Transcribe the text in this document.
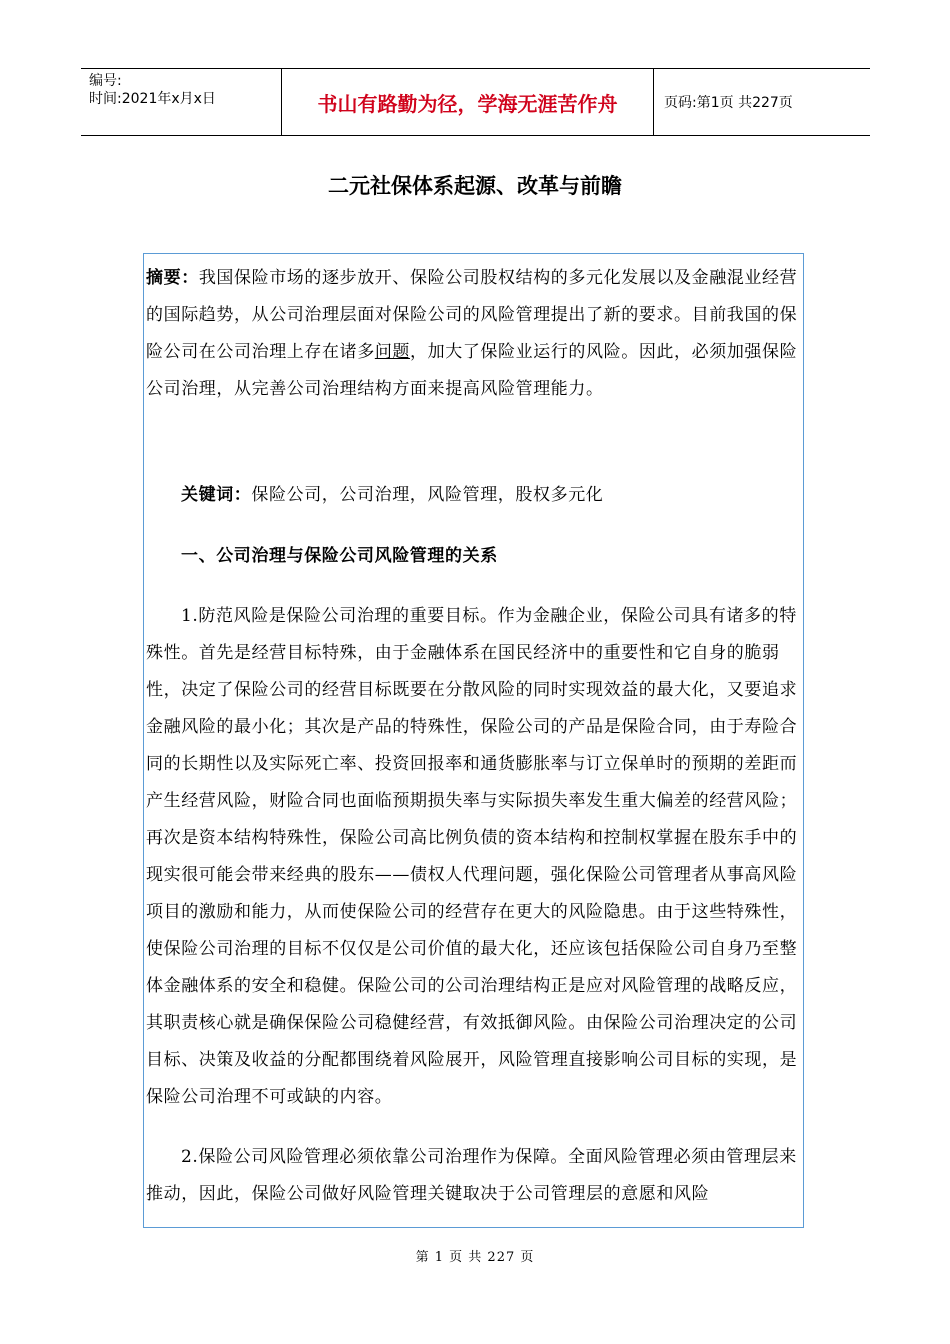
编号:
时间:2021年x月x日	书山有路勤为径，学海无涯苦作舟	页码:第1页 共227页
二元社保体系起源、改革与前瞻

摘要：我国保险市场的逐步放开、保险公司股权结构的多元化发展以及金融混业经营的国际趋势，从公司治理层面对保险公司的风险管理提出了新的要求。目前我国的保险公司在公司治理上存在诸多问题，加大了保险业运行的风险。因此，必须加强保险公司治理，从完善公司治理结构方面来提高风险管理能力。

关键词：保险公司，公司治理，风险管理，股权多元化
一、公司治理与保险公司风险管理的关系
1.防范风险是保险公司治理的重要目标。作为金融企业，保险公司具有诸多的特殊性。首先是经营目标特殊，由于金融体系在国民经济中的重要性和它自身的脆弱性，决定了保险公司的经营目标既要在分散风险的同时实现效益的最大化，又要追求金融风险的最小化；其次是产品的特殊性，保险公司的产品是保险合同，由于寿险合同的长期性以及实际死亡率、投资回报率和通货膨胀率与订立保单时的预期的差距而产生经营风险，财险合同也面临预期损失率与实际损失率发生重大偏差的经营风险；再次是资本结构特殊性，保险公司高比例负债的资本结构和控制权掌握在股东手中的现实很可能会带来经典的股东——债权人代理问题，强化保险公司管理者从事高风险项目的激励和能力，从而使保险公司的经营存在更大的风险隐患。由于这些特殊性，使保险公司治理的目标不仅仅是公司价值的最大化，还应该包括保险公司自身乃至整体金融体系的安全和稳健。保险公司的公司治理结构正是应对风险管理的战略反应，其职责核心就是确保保险公司稳健经营，有效抵御风险。由保险公司治理决定的公司目标、决策及收益的分配都围绕着风险展开，风险管理直接影响公司目标的实现，是保险公司治理不可或缺的内容。
2.保险公司风险管理必须依靠公司治理作为保障。全面风险管理必须由管理层来推动，因此，保险公司做好风险管理关键取决于公司管理层的意愿和风险
第 1 页 共 227 页
